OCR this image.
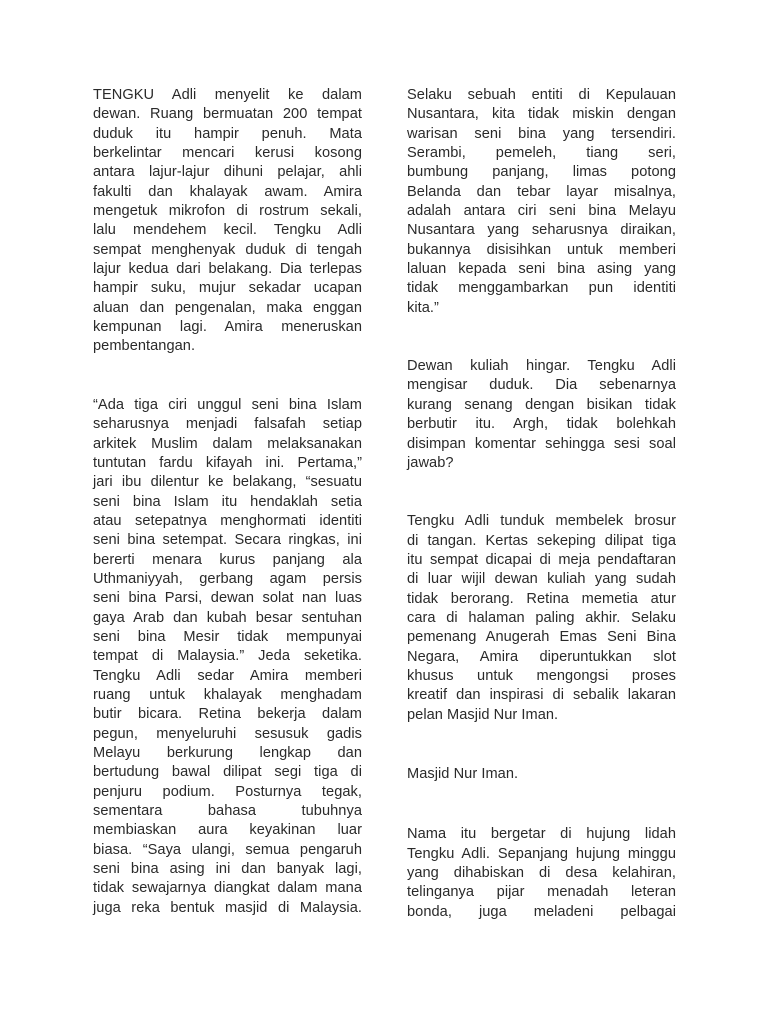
TENGKU Adli menyelit ke dalam
dewan. Ruang bermuatan 200 tempat
duduk itu hampir penuh. Mata
berkelintar mencari kerusi kosong
antara lajur-lajur dihuni pelajar, ahli
fakulti dan khalayak awam. Amira
mengetuk mikrofon di rostrum sekali,
lalu mendehem kecil. Tengku Adli
sempat menghenyak duduk di tengah
lajur kedua dari belakang. Dia terlepas
hampir suku, mujur sekadar ucapan
aluan dan pengenalan, maka enggan
kempunan lagi. Amira meneruskan
pembentangan.

“Ada tiga ciri unggul seni bina Islam
seharusnya menjadi falsafah setiap
arkitek Muslim dalam melaksanakan
tuntutan fardu kifayah ini. Pertama,”
jari ibu dilentur ke belakang, “sesuatu
seni bina Islam itu hendaklah setia
atau setepatnya menghormati identiti
seni bina setempat. Secara ringkas, ini
bererti menara kurus panjang ala
Uthmaniyyah, gerbang agam persis
seni bina Parsi, dewan solat nan luas
gaya Arab dan kubah besar sentuhan
seni bina Mesir tidak mempunyai
tempat di Malaysia.” Jeda seketika.
Tengku Adli sedar Amira memberi
ruang untuk khalayak menghadam
butir bicara. Retina bekerja dalam
pegun, menyeluruhi sesusuk gadis
Melayu berkurung lengkap dan
bertudung bawal dilipat segi tiga di
penjuru podium. Posturnya tegak,
sementara bahasa tubuhnya
membiaskan aura keyakinan luar
biasa. “Saya ulangi, semua pengaruh
seni bina asing ini dan banyak lagi,
tidak sewajarnya diangkat dalam mana
juga reka bentuk masjid di Malaysia.

Selaku sebuah entiti di Kepulauan
Nusantara, kita tidak miskin dengan
warisan seni bina yang tersendiri.
Serambi, pemeleh, tiang seri,
bumbung panjang, limas potong
Belanda dan tebar layar misalnya,
adalah antara ciri seni bina Melayu
Nusantara yang seharusnya diraikan,
bukannya disisihkan untuk memberi
laluan kepada seni bina asing yang
tidak menggambarkan pun identiti
kita.”

Dewan kuliah hingar. Tengku Adli
mengisar duduk. Dia sebenarnya
kurang senang dengan bisikan tidak
berbutir itu. Argh, tidak bolehkah
disimpan komentar sehingga sesi soal
jawab?

Tengku Adli tunduk membelek brosur
di tangan. Kertas sekeping dilipat tiga
itu sempat dicapai di meja pendaftaran
di luar wijil dewan kuliah yang sudah
tidak berorang. Retina memetia atur
cara di halaman paling akhir. Selaku
pemenang Anugerah Emas Seni Bina
Negara, Amira diperuntukkan slot
khusus untuk mengongsi proses
kreatif dan inspirasi di sebalik lakaran
pelan Masjid Nur Iman.

Masjid Nur Iman.

Nama itu bergetar di hujung lidah
Tengku Adli. Sepanjang hujung minggu
yang dihabiskan di desa kelahiran,
telinganya pijar menadah leteran
bonda, juga meladeni pelbagai
